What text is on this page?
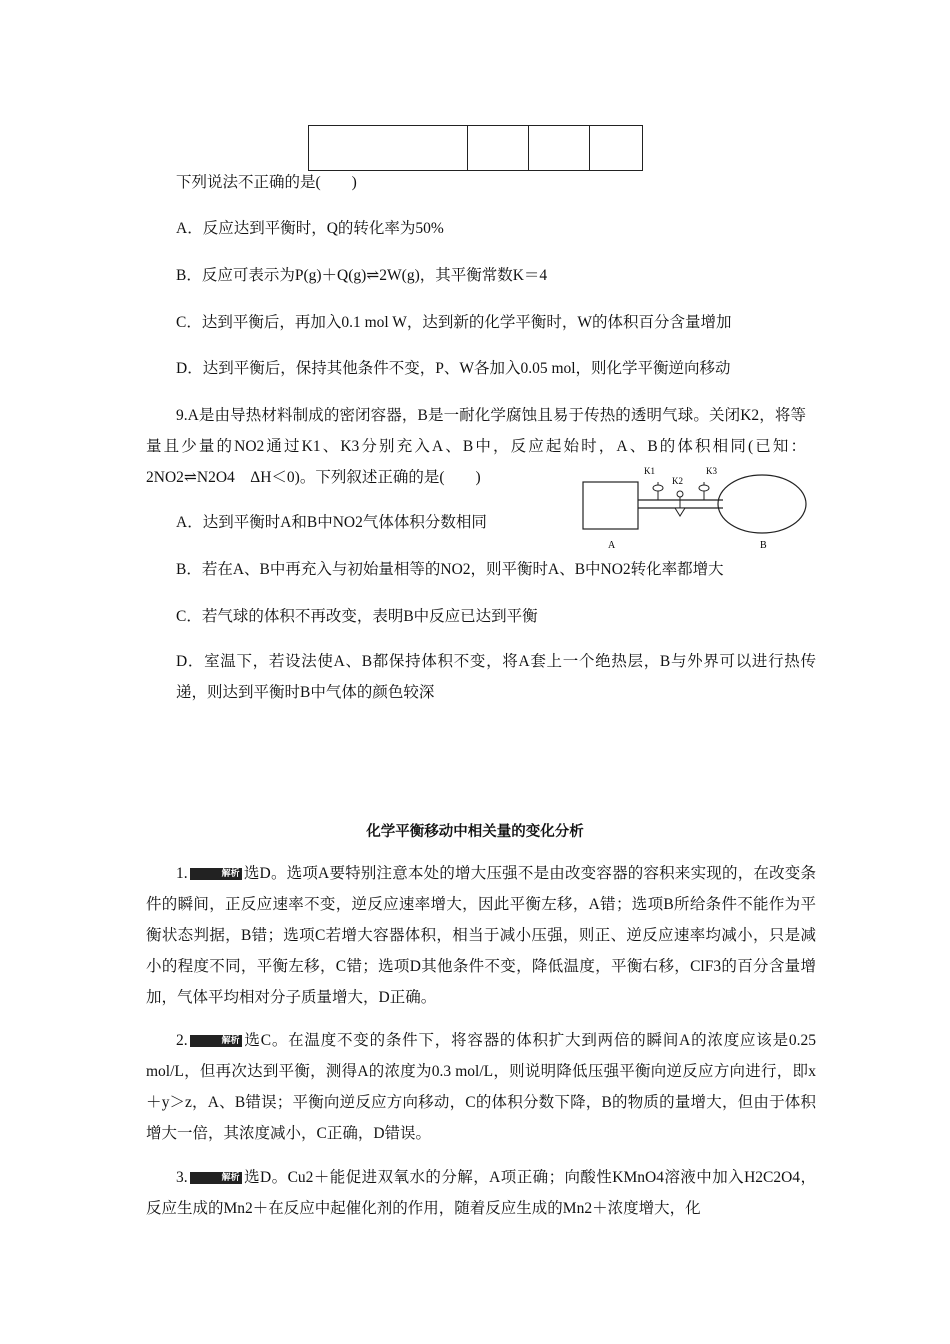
下列说法不正确的是(　　)
A．反应达到平衡时，Q的转化率为50%
B．反应可表示为P(g)＋Q(g)⇌2W(g)，其平衡常数K＝4
C．达到平衡后，再加入0.1 mol W，达到新的化学平衡时，W的体积百分含量增加
D．达到平衡后，保持其他条件不变，P、W各加入0.05 mol，则化学平衡逆向移动
9.A是由导热材料制成的密闭容器，B是一耐化学腐蚀且易于传热的透明气球。关闭K2，将等量且少量的NO2通过K1、K3分别充入A、B中，反应起始时，A、B的体积相同(已知：2NO2⇌N2O4　ΔH＜0)。下列叙述正确的是(　　)	K1
K2
K3
A	B
A．达到平衡时A和B中NO2气体体积分数相同
B．若在A、B中再充入与初始量相等的NO2，则平衡时A、B中NO2转化率都增大
C．若气球的体积不再改变，表明B中反应已达到平衡
D．室温下，若设法使A、B都保持体积不变，将A套上一个绝热层，B与外界可以进行热传递，则达到平衡时B中气体的颜色较深
化学平衡移动中相关量的变化分析
1.	解析 选D。选项A要特别注意本处的增大压强不是由改变容器的容积来实现的，在改变条件的瞬间，正反应速率不变，逆反应速率增大，因此平衡左移，A错；选项B所给条件不能作为平衡状态判据，B错；选项C若增大容器体积，相当于减小压强，则正、逆反应速率均减小，只是减小的程度不同，平衡左移，C错；选项D其他条件不变，降低温度，平衡右移，ClF3的百分含量增加，气体平均相对分子质量增大，D正确。
2.	解析 选C。在温度不变的条件下，将容器的体积扩大到两倍的瞬间A的浓度应该是0.25 mol/L，但再次达到平衡，测得A的浓度为0.3 mol/L，则说明降低压强平衡向逆反应方向进行，即x＋y＞z，A、B错误；平衡向逆反应方向移动，C的体积分数下降，B的物质的量增大，但由于体积增大一倍，其浓度减小，C正确，D错误。
3.	解析 选D。Cu2＋能促进双氧水的分解，A项正确；向酸性KMnO4溶液中加入H2C2O4，反应生成的Mn2＋在反应中起催化剂的作用，随着反应生成的Mn2＋浓度增大，化
